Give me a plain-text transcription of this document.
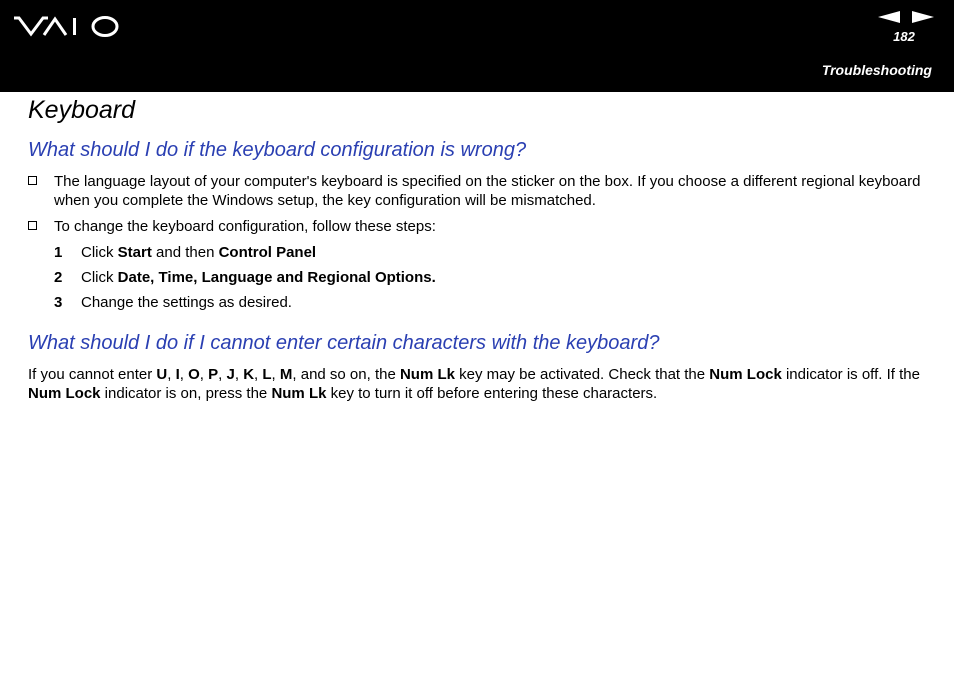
182
Troubleshooting
Keyboard
What should I do if the keyboard configuration is wrong?
The language layout of your computer's keyboard is specified on the sticker on the box. If you choose a different regional keyboard when you complete the Windows setup, the key configuration will be mismatched.
To change the keyboard configuration, follow these steps:
1 Click Start and then Control Panel
2 Click Date, Time, Language and Regional Options.
3 Change the settings as desired.
What should I do if I cannot enter certain characters with the keyboard?

If you cannot enter U, I, O, P, J, K, L, M, and so on, the Num Lk key may be activated. Check that the Num Lock indicator is off. If the Num Lock indicator is on, press the Num Lk key to turn it off before entering these characters.
